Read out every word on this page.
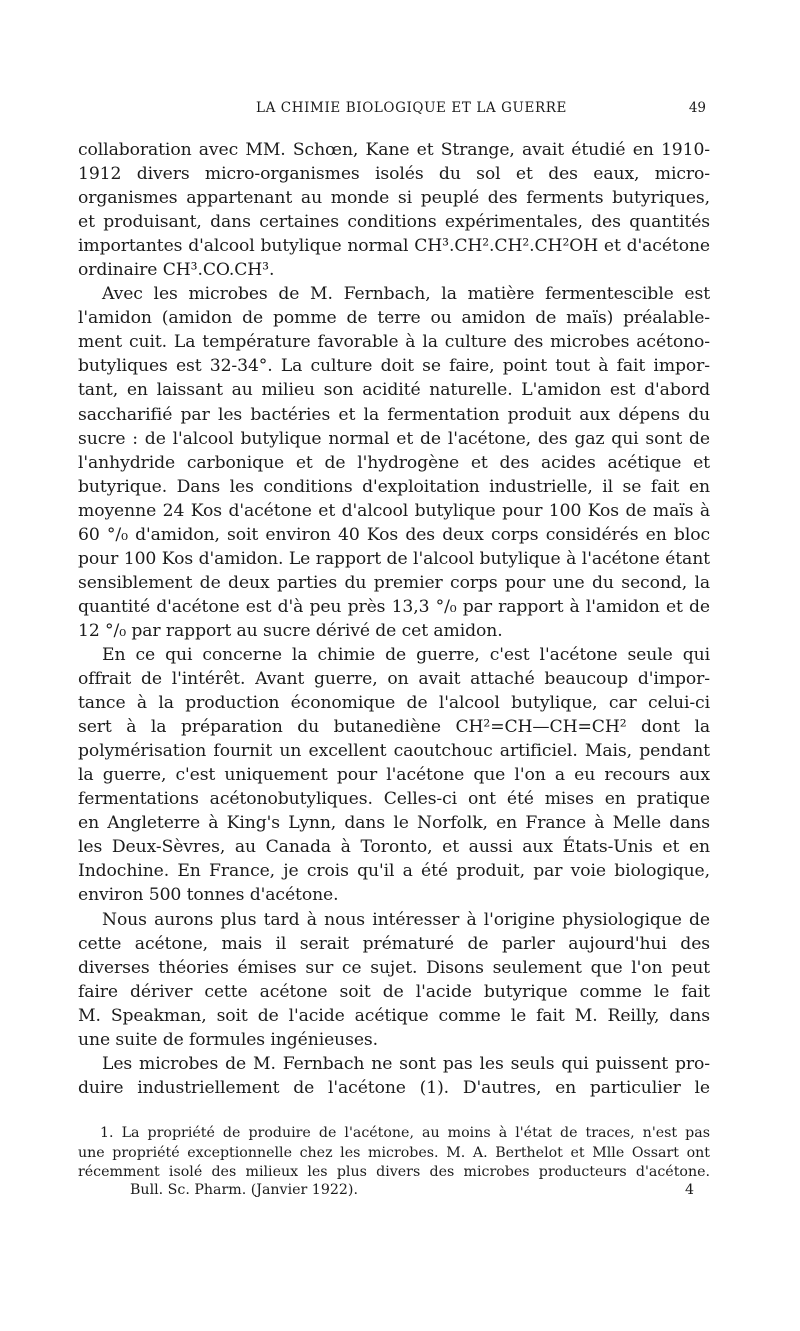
LA CHIMIE BIOLOGIQUE ET LA GUERRE	49
collaboration avec MM. Schœn, Kane et Strange, avait étudié en 1910-
1912 divers micro-organismes isolés du sol et des eaux, micro-
organismes appartenant au monde si peuplé des ferments butyriques,
et produisant, dans certaines conditions expérimentales, des quantités
importantes d'alcool butylique normal CH³.CH².CH².CH²OH et d'acétone
ordinaire CH³.CO.CH³.
Avec les microbes de M. Fernbach, la matière fermentescible est
l'amidon (amidon de pomme de terre ou amidon de maïs) préalable-
ment cuit. La température favorable à la culture des microbes acétono-
butyliques est 32-34°. La culture doit se faire, point tout à fait impor-
tant, en laissant au milieu son acidité naturelle. L'amidon est d'abord
saccharifié par les bactéries et la fermentation produit aux dépens du
sucre : de l'alcool butylique normal et de l'acétone, des gaz qui sont de
l'anhydride carbonique et de l'hydrogène et des acides acétique et
butyrique. Dans les conditions d'exploitation industrielle, il se fait en
moyenne 24 Kos d'acétone et d'alcool butylique pour 100 Kos de maïs à
60 °/₀ d'amidon, soit environ 40 Kos des deux corps considérés en bloc
pour 100 Kos d'amidon. Le rapport de l'alcool butylique à l'acétone étant
sensiblement de deux parties du premier corps pour une du second, la
quantité d'acétone est d'à peu près 13,3 °/₀ par rapport à l'amidon et de
12 °/₀ par rapport au sucre dérivé de cet amidon.
En ce qui concerne la chimie de guerre, c'est l'acétone seule qui
offrait de l'intérêt. Avant guerre, on avait attaché beaucoup d'impor-
tance à la production économique de l'alcool butylique, car celui-ci
sert à la préparation du butanediène CH²=CH—CH=CH² dont la
polymérisation fournit un excellent caoutchouc artificiel. Mais, pendant
la guerre, c'est uniquement pour l'acétone que l'on a eu recours aux
fermentations acétonobutyliques. Celles-ci ont été mises en pratique
en Angleterre à King's Lynn, dans le Norfolk, en France à Melle dans
les Deux-Sèvres, au Canada à Toronto, et aussi aux États-Unis et en
Indochine. En France, je crois qu'il a été produit, par voie biologique,
environ 500 tonnes d'acétone.
Nous aurons plus tard à nous intéresser à l'origine physiologique de
cette acétone, mais il serait prématuré de parler aujourd'hui des
diverses théories émises sur ce sujet. Disons seulement que l'on peut
faire dériver cette acétone soit de l'acide butyrique comme le fait
M. Speakman, soit de l'acide acétique comme le fait M. Reilly, dans
une suite de formules ingénieuses.
Les microbes de M. Fernbach ne sont pas les seuls qui puissent pro-
duire industriellement de l'acétone (1). D'autres, en particulier le
1. La propriété de produire de l'acétone, au moins à l'état de traces, n'est pas
une propriété exceptionnelle chez les microbes. M. A. Berthelot et Mlle Ossart ont
récemment isolé des milieux les plus divers des microbes producteurs d'acétone.
Bull. Sc. Pharm. (Janvier 1922).	4
